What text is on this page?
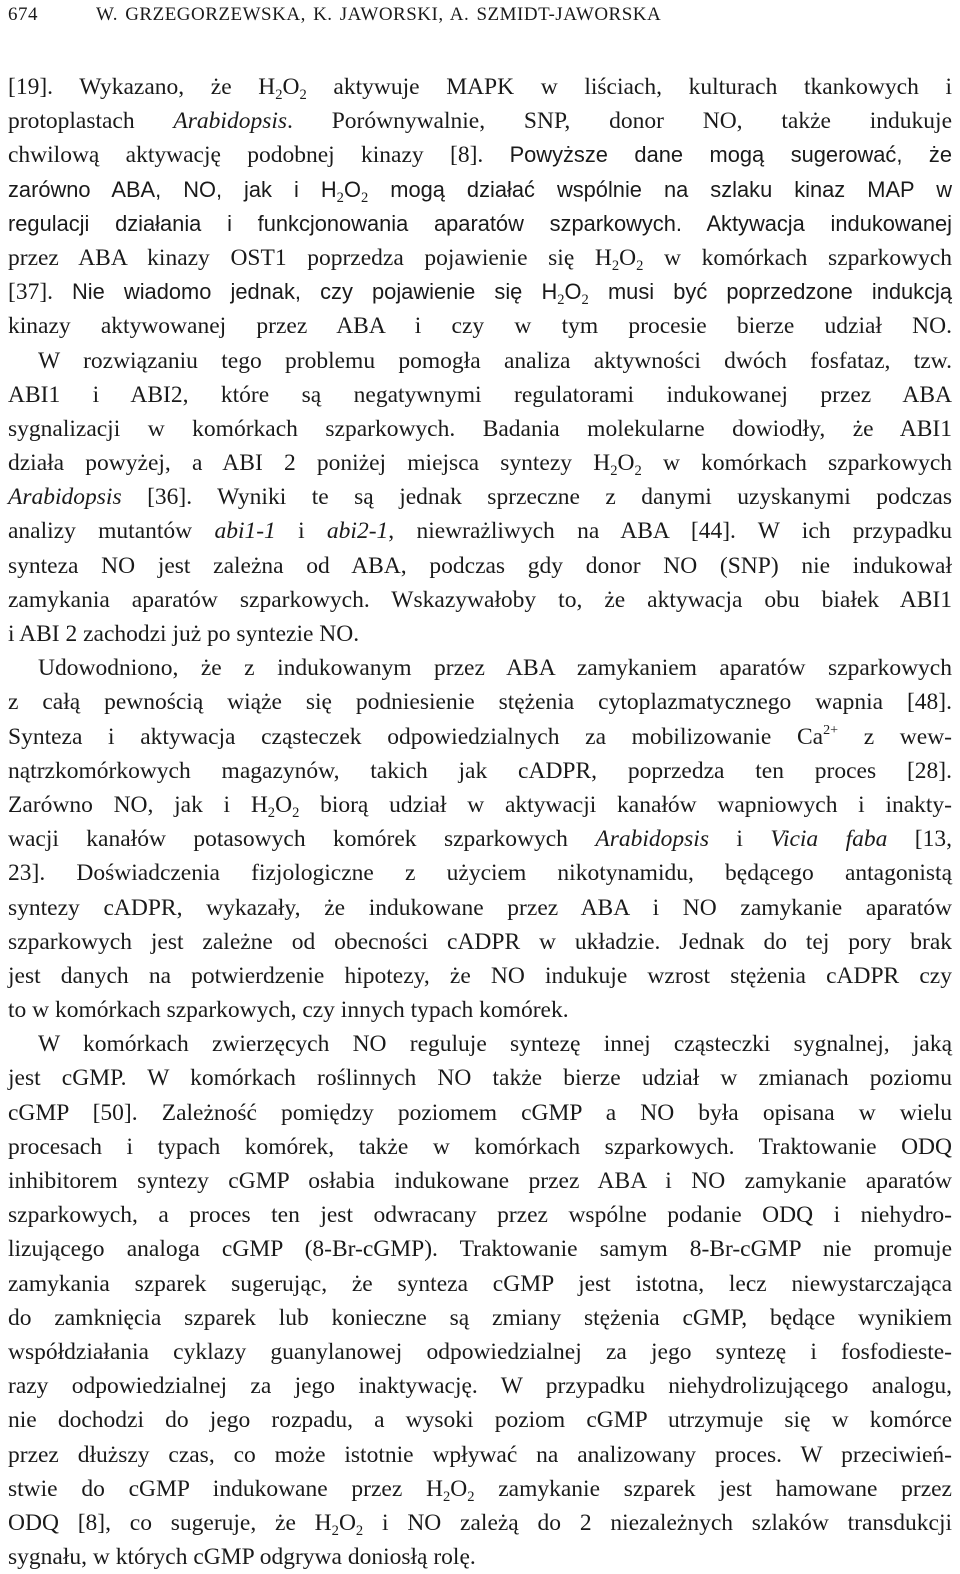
674	W. GRZEGORZEWSKA, K. JAWORSKI, A. SZMIDT-JAWORSKA
[19]. Wykazano, że $H_2O_2$ aktywuje MAPK w liściach, kulturach tkankowych i
protoplastach Arabidopsis. Porównywalnie, SNP, donor NO, także indukuje
chwilową aktywację podobnej kinazy [8]. Powyższe dane mogą sugerować, że
zarówno ABA, NO, jak i $H_2O_2$ mogą działać wspólnie na szlaku kinaz MAP w
regulacji działania i funkcjonowania aparatów szparkowych. Aktywacja indukowanej
przez ABA kinazy OST1 poprzedza pojawienie się $H_2O_2$ w komórkach szparkowych
[37]. Nie wiadomo jednak, czy pojawienie się $H_2O_2$ musi być poprzedzone indukcją
kinazy aktywowanej przez ABA i czy w tym procesie bierze udział NO.
W rozwiązaniu tego problemu pomogła analiza aktywności dwóch fosfataz, tzw.
ABI1 i ABI2, które są negatywnymi regulatorami indukowanej przez ABA
sygnalizacji w komórkach szparkowych. Badania molekularne dowiodły, że ABI1
działa powyżej, a ABI 2 poniżej miejsca syntezy $H_2O_2$ w komórkach szparkowych
Arabidopsis [36]. Wyniki te są jednak sprzeczne z danymi uzyskanymi podczas
analizy mutantów abi1-1 i abi2-1, niewrażliwych na ABA [44]. W ich przypadku
synteza NO jest zależna od ABA, podczas gdy donor NO (SNP) nie indukował
zamykania aparatów szparkowych. Wskazywałoby to, że aktywacja obu białek ABI1
i ABI 2 zachodzi już po syntezie NO.
Udowodniono, że z indukowanym przez ABA zamykaniem aparatów szparkowych
z całą pewnością wiąże się podniesienie stężenia cytoplazmatycznego wapnia [48].
Synteza i aktywacja cząsteczek odpowiedzialnych za mobilizowanie $Ca^{2+}$ z wew-
nątrzkomórkowych magazynów, takich jak cADPR, poprzedza ten proces [28].
Zarówno NO, jak i $H_2O_2$ biorą udział w aktywacji kanałów wapniowych i inakty-
wacji kanałów potasowych komórek szparkowych Arabidopsis i Vicia faba [13,
23]. Doświadczenia fizjologiczne z użyciem nikotynamidu, będącego antagonistą
syntezy cADPR, wykazały, że indukowane przez ABA i NO zamykanie aparatów
szparkowych jest zależne od obecności cADPR w układzie. Jednak do tej pory brak
jest danych na potwierdzenie hipotezy, że NO indukuje wzrost stężenia cADPR czy
to w komórkach szparkowych, czy innych typach komórek.
W komórkach zwierzęcych NO reguluje syntezę innej cząsteczki sygnalnej, jaką
jest cGMP. W komórkach roślinnych NO także bierze udział w zmianach poziomu
cGMP [50]. Zależność pomiędzy poziomem cGMP a NO była opisana w wielu
procesach i typach komórek, także w komórkach szparkowych. Traktowanie ODQ
inhibitorem syntezy cGMP osłabia indukowane przez ABA i NO zamykanie aparatów
szparkowych, a proces ten jest odwracany przez wspólne podanie ODQ i niehydro-
lizującego analoga cGMP (8-Br-cGMP). Traktowanie samym 8-Br-cGMP nie promuje
zamykania szparek sugerując, że synteza cGMP jest istotna, lecz niewystarczająca
do zamknięcia szparek lub konieczne są zmiany stężenia cGMP, będące wynikiem
współdziałania cyklazy guanylanowej odpowiedzialnej za jego syntezę i fosfodieste-
razy odpowiedzialnej za jego inaktywację. W przypadku niehydrolizującego analogu,
nie dochodzi do jego rozpadu, a wysoki poziom cGMP utrzymuje się w komórce
przez dłuższy czas, co może istotnie wpływać na analizowany proces. W przeciwień-
stwie do cGMP indukowane przez $H_2O_2$ zamykanie szparek jest hamowane przez
ODQ [8], co sugeruje, że $H_2O_2$ i NO zależą do 2 niezależnych szlaków transdukcji
sygnału, w których cGMP odgrywa doniosłą rolę.
